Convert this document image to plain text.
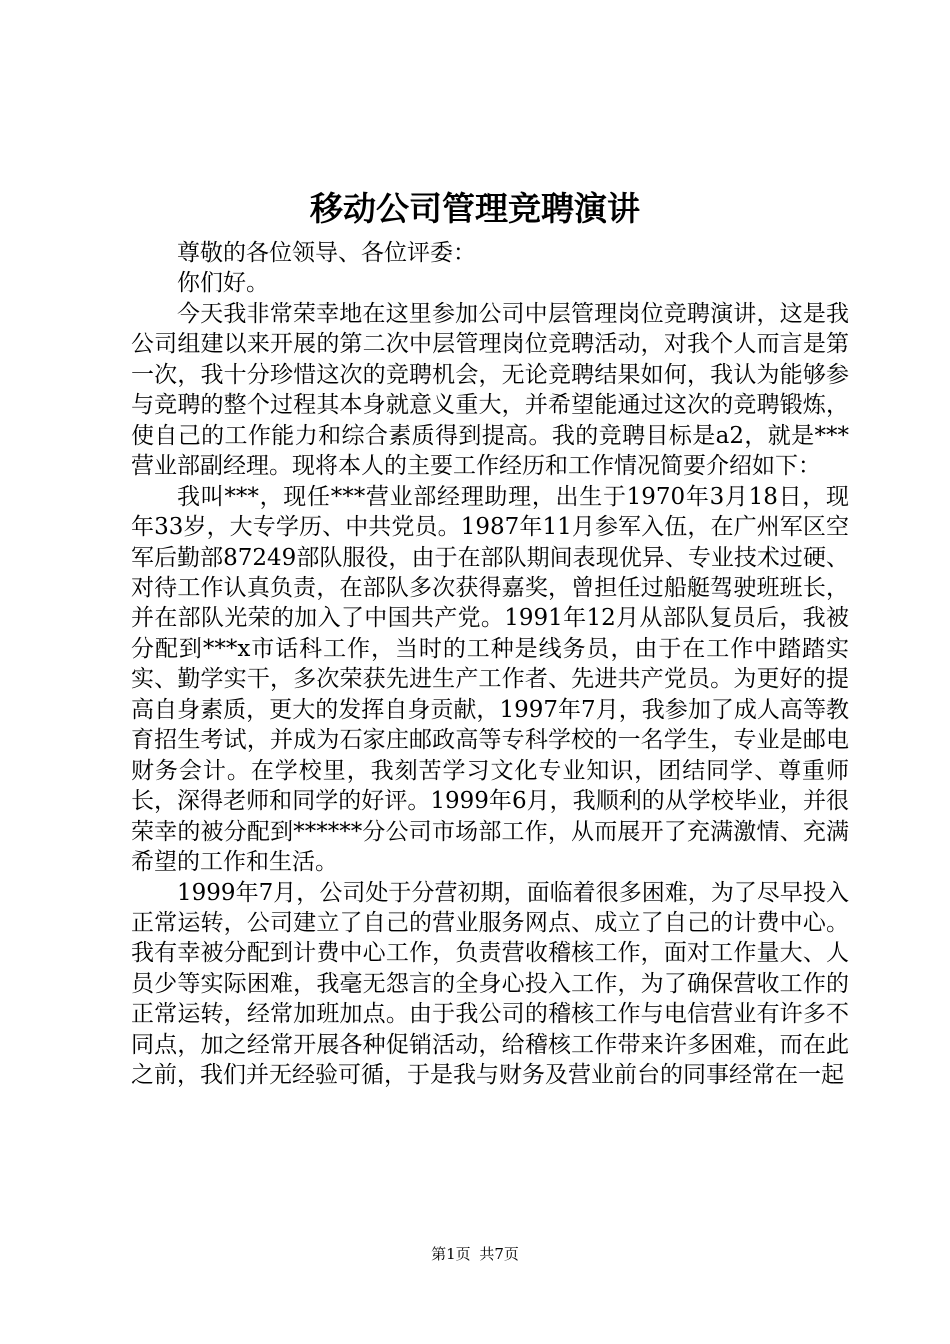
移动公司管理竞聘演讲

尊敬的各位领导、各位评委：

你们好。

今天我非常荣幸地在这里参加公司中层管理岗位竞聘演讲，这是我公司组建以来开展的第二次中层管理岗位竞聘活动，对我个人而言是第一次，我十分珍惜这次的竞聘机会，无论竞聘结果如何，我认为能够参与竞聘的整个过程其本身就意义重大，并希望能通过这次的竞聘锻炼，使自己的工作能力和综合素质得到提高。我的竞聘目标是a2，就是***营业部副经理。现将本人的主要工作经历和工作情况简要介绍如下：

我叫***，现任***营业部经理助理，出生于1970年3月18日，现年33岁，大专学历、中共党员。1987年11月参军入伍，在广州军区空军后勤部87249部队服役，由于在部队期间表现优异、专业技术过硬、对待工作认真负责，在部队多次获得嘉奖，曾担任过船艇驾驶班班长，并在部队光荣的加入了中国共产党。1991年12月从部队复员后，我被分配到***x市话科工作，当时的工种是线务员，由于在工作中踏踏实实、勤学实干，多次荣获先进生产工作者、先进共产党员。为更好的提高自身素质，更大的发挥自身贡献，1997年7月，我参加了成人高等教育招生考试，并成为石家庄邮政高等专科学校的一名学生，专业是邮电财务会计。在学校里，我刻苦学习文化专业知识，团结同学、尊重师长，深得老师和同学的好评。1999年6月，我顺利的从学校毕业，并很荣幸的被分配到******分公司市场部工作，从而展开了充满激情、充满希望的工作和生活。

1999年7月，公司处于分营初期，面临着很多困难，为了尽早投入正常运转，公司建立了自己的营业服务网点、成立了自己的计费中心。我有幸被分配到计费中心工作，负责营收稽核工作，面对工作量大、人员少等实际困难，我毫无怨言的全身心投入工作，为了确保营收工作的正常运转，经常加班加点。由于我公司的稽核工作与电信营业有许多不同点，加之经常开展各种促销活动，给稽核工作带来许多困难，而在此之前，我们并无经验可循，于是我与财务及营业前台的同事经常在一起

第1页 共7页
